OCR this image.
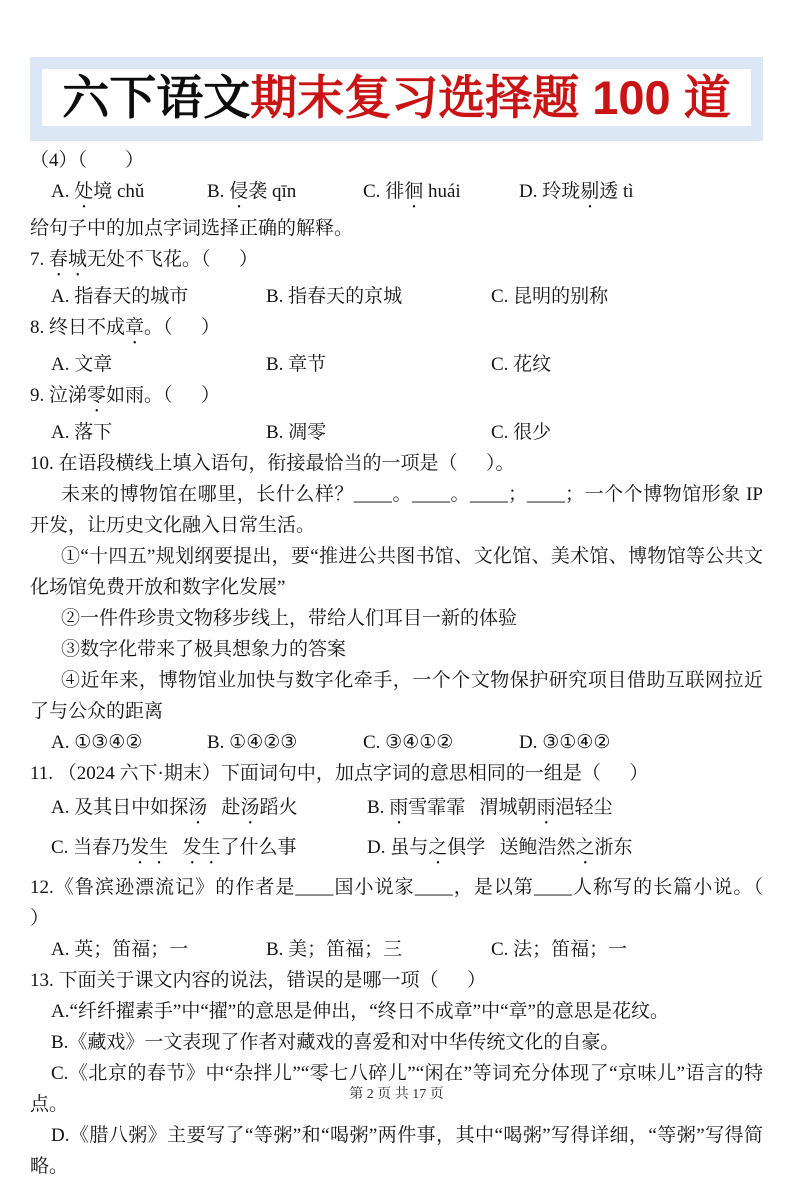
六下语文 期末复习选择题 100 道
（4）（        ）
A. 处境 chǔ	B. 侵袭 qīn	C. 徘徊 huái	D. 玲珑剔透 tì
给句子中的加点字词选择正确的解释。
7. 春城无处不飞花。（      ）
A. 指春天的城市	B. 指春天的京城	C. 昆明的别称
8. 终日不成章。（      ）
A. 文章	B. 章节	C. 花纹
9. 泣涕零如雨。（      ）
A. 落下	B. 凋零	C. 很少
10. 在语段横线上填入语句，衔接最恰当的一项是（      ）。
未来的博物馆在哪里，长什么样？____。____。____；____；一个个博物馆形象 IP 开发，让历史文化融入日常生活。
①“十四五”规划纲要提出，要“推进公共图书馆、文化馆、美术馆、博物馆等公共文化场馆免费开放和数字化发展”
②一件件珍贵文物移步线上，带给人们耳目一新的体验
③数字化带来了极具想象力的答案
④近年来，博物馆业加快与数字化牵手，一个个文物保护研究项目借助互联网拉近了与公众的距离
A. ①③④②	B. ①④②③	C. ③④①②	D. ③①④②
11. （2024 六下·期末）下面词句中，加点字词的意思相同的一组是（      ）
A. 及其日中如探汤   赴汤蹈火	B. 雨雪霏霏   渭城朝雨浥轻尘
C. 当春乃发生 发生了什么事	D. 虽与之俱学   送鲍浩然之浙东
12.《鲁滨逊漂流记》的作者是____国小说家____，是以第____人称写的长篇小说。（      ）
A. 英；笛福；一	B. 美；笛福；三	C. 法；笛福；一
13. 下面关于课文内容的说法，错误的是哪一项（      ）
A.“纤纤擢素手”中“擢”的意思是伸出，“终日不成章”中“章”的意思是花纹。
B.《藏戏》一文表现了作者对藏戏的喜爱和对中华传统文化的自豪。
C.《北京的春节》中“杂拌儿”“零七八碎儿”“闲在”等词充分体现了“京味儿”语言的特点。
D.《腊八粥》主要写了“等粥”和“喝粥”两件事，其中“喝粥”写得详细，“等粥”写得简略。
第 2 页 共 17 页
